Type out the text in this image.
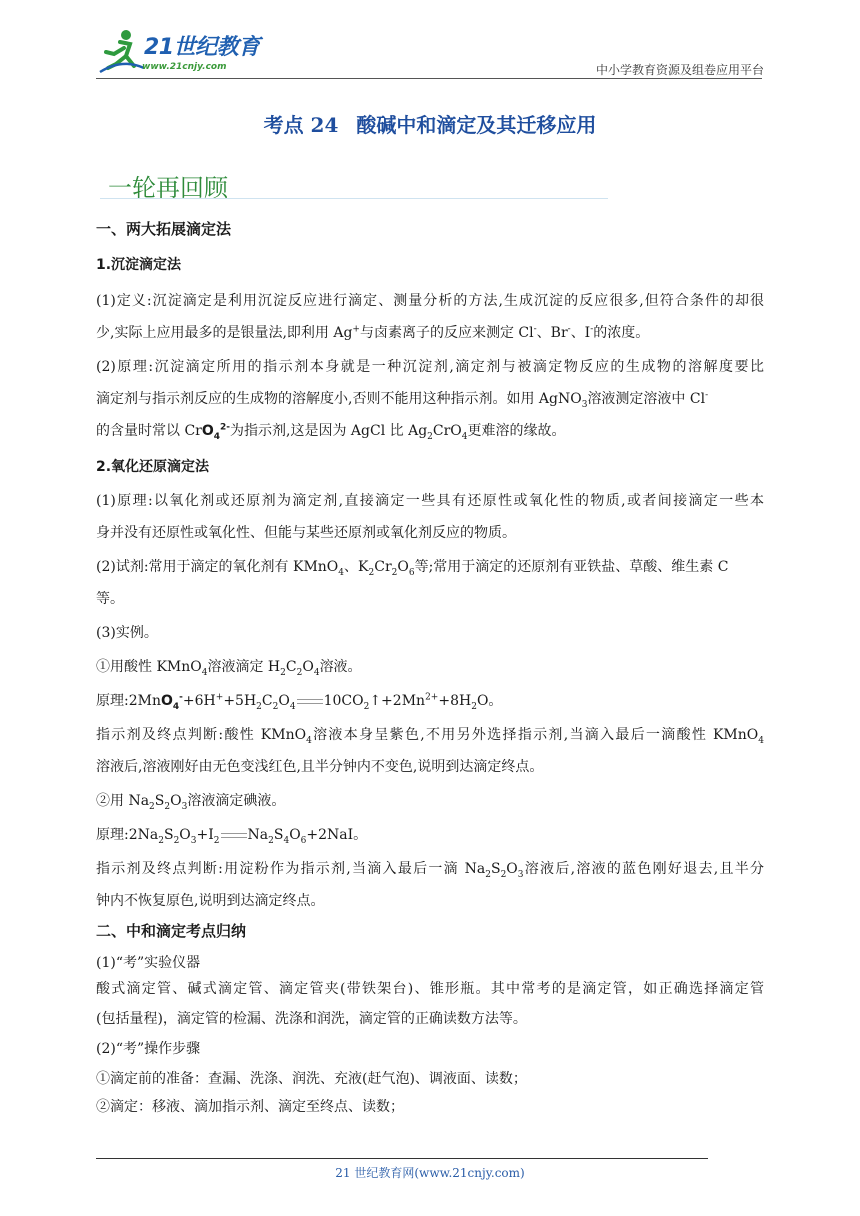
21世纪教育
www.21cnjy.com	中小学教育资源及组卷应用平台
考点 24 酸碱中和滴定及其迁移应用
一轮再回顾
一、两大拓展滴定法
1.沉淀滴定法
(1)定义:沉淀滴定是利用沉淀反应进行滴定、测量分析的方法,生成沉淀的反应很多,但符合条件的却很
少,实际上应用最多的是银量法,即利用 Ag+与卤素离子的反应来测定 Cl-、Br-、I-的浓度。
(2)原理:沉淀滴定所用的指示剂本身就是一种沉淀剂,滴定剂与被滴定物反应的生成物的溶解度要比
滴定剂与指示剂反应的生成物的溶解度小,否则不能用这种指示剂。如用 AgNO$_3$溶液测定溶液中 Cl-
的含量时常以 CrO$_4^{2-}$为指示剂,这是因为 AgCl 比 $Ag_2CrO_4$更难溶的缘故。
2.氧化还原滴定法
(1)原理:以氧化剂或还原剂为滴定剂,直接滴定一些具有还原性或氧化性的物质,或者间接滴定一些本
身并没有还原性或氧化性、但能与某些还原剂或氧化剂反应的物质。
(2)试剂:常用于滴定的氧化剂有 KMnO$_4$、$K_2Cr_2O_6$等;常用于滴定的还原剂有亚铁盐、草酸、维生素 C
等。
(3)实例。
①用酸性 KMnO$_4$溶液滴定 $H_2C_2O_4$溶液。
原理$:2MnO_4^-+6H^++5H_2C_2O_4$ $10CO_2↑+2Mn^{2+}+8H_2O$。
指示剂及终点判断:酸性 KMnO$_4$溶液本身呈紫色,不用另外选择指示剂,当滴入最后一滴酸性 KMnO$_4$
溶液后,溶液刚好由无色变浅红色,且半分钟内不变色,说明到达滴定终点。
②用 $Na_2S_2O_3$溶液滴定碘液。
原理$:2Na_2S_2O_3+I_2$ $Na_2S_4O_6+2NaI$。
指示剂及终点判断:用淀粉作为指示剂,当滴入最后一滴 $Na_2S_2O_3$溶液后,溶液的蓝色刚好退去,且半分
钟内不恢复原色,说明到达滴定终点。
二、中和滴定考点归纳
(1)“考”实验仪器
酸式滴定管、碱式滴定管、滴定管夹(带铁架台)、锥形瓶。其中常考的是滴定管，如正确选择滴定管
(包括量程)，滴定管的检漏、洗涤和润洗，滴定管的正确读数方法等。
(2)“考”操作步骤
①滴定前的准备：查漏、洗涤、润洗、充液(赶气泡)、调液面、读数；
②滴定：移液、滴加指示剂、滴定至终点、读数；
21 世纪教育网(www.21cnjy.com)
